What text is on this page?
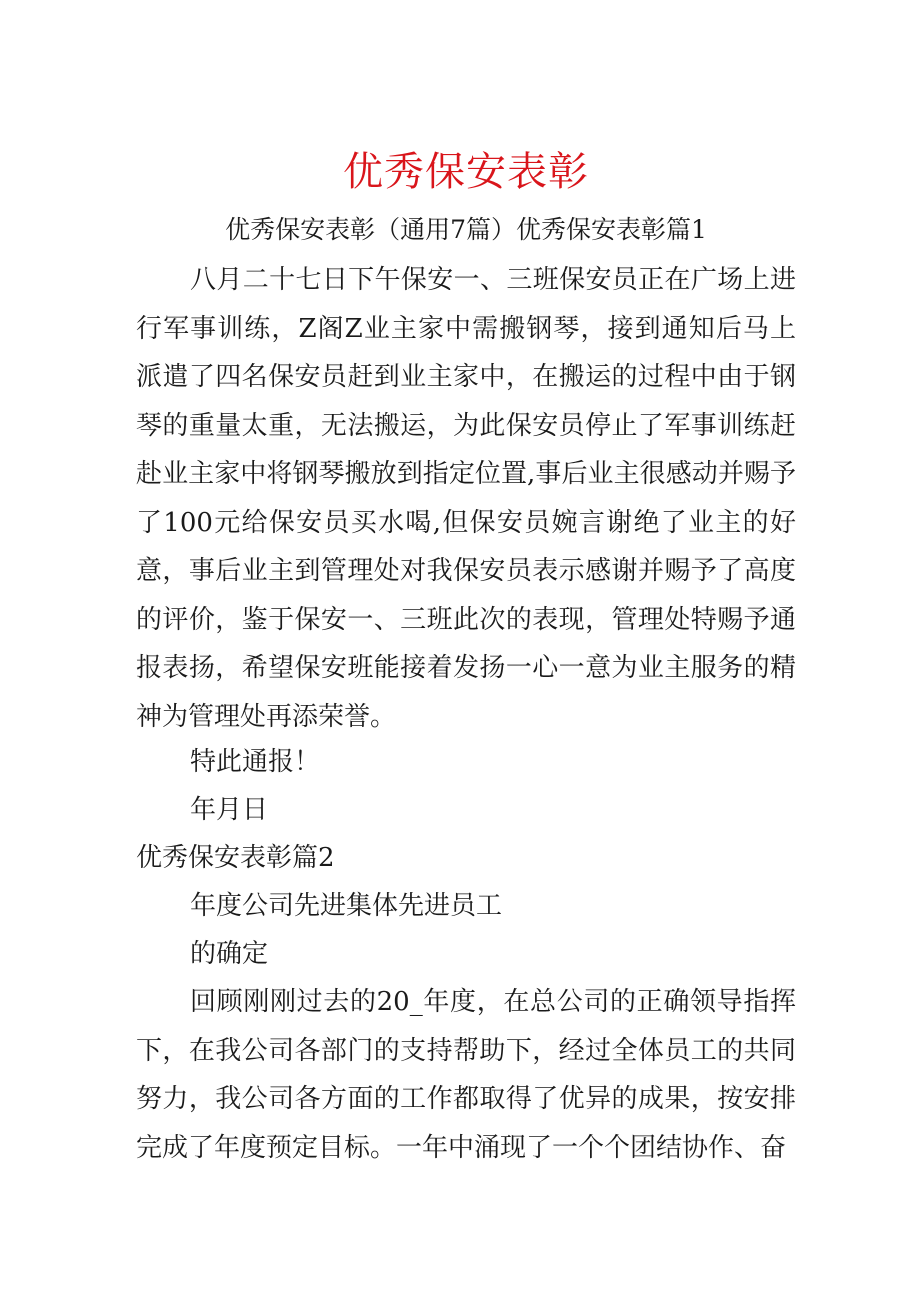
优秀保安表彰
优秀保安表彰（通用7篇）优秀保安表彰篇1
八月二十七日下午保安一、三班保安员正在广场上进行军事训练，Z阁Z业主家中需搬钢琴，接到通知后马上派遣了四名保安员赶到业主家中，在搬运的过程中由于钢琴的重量太重，无法搬运，为此保安员停止了军事训练赶赴业主家中将钢琴搬放到指定位置,事后业主很感动并赐予了100元给保安员买水喝,但保安员婉言谢绝了业主的好意，事后业主到管理处对我保安员表示感谢并赐予了高度的评价，鉴于保安一、三班此次的表现，管理处特赐予通报表扬，希望保安班能接着发扬一心一意为业主服务的精神为管理处再添荣誉。
特此通报！
年月日
优秀保安表彰篇2
年度公司先进集体先进员工
的确定
回顾刚刚过去的20_年度，在总公司的正确领导指挥下，在我公司各部门的支持帮助下，经过全体员工的共同努力，我公司各方面的工作都取得了优异的成果，按安排完成了年度预定目标。一年中涌现了一个个团结协作、奋
